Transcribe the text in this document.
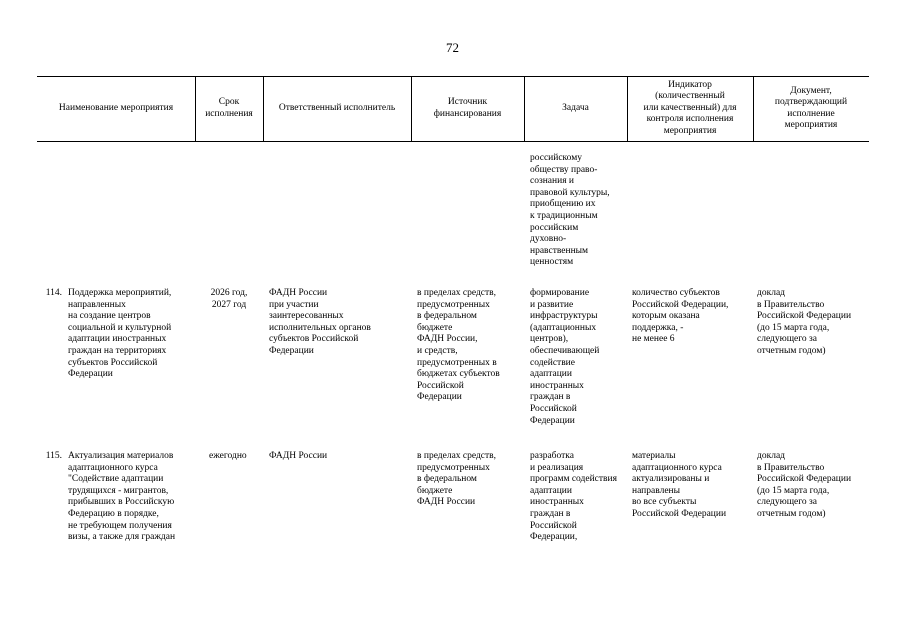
72
Наименование мероприятия
Срок
исполнения
Ответственный исполнитель
Источник
финансирования
Задача
Индикатор
(количественный
или качественный) для
контроля исполнения
мероприятия
Документ,
подтверждающий
исполнение
мероприятия
российскому
обществу право-
сознания и
правовой культуры,
приобщению их
к традиционным
российским
духовно-
нравственным
ценностям
114. Поддержка мероприятий,
направленных
на создание центров
социальной и культурной
адаптации иностранных
граждан на территориях
субъектов Российской
Федерации
2026 год,
2027 год
ФАДН России
при участии
заинтересованных
исполнительных органов
субъектов Российской
Федерации
в пределах средств,
предусмотренных
в федеральном
бюджете
ФАДН России,
и средств,
предусмотренных в
бюджетах субъектов
Российской
Федерации
формирование
и развитие
инфраструктуры
(адаптационных
центров),
обеспечивающей
содействие
адаптации
иностранных
граждан в
Российской
Федерации
количество субъектов
Российской Федерации,
которым оказана
поддержка, -
не менее 6
доклад
в Правительство
Российской Федерации
(до 15 марта года,
следующего за
отчетным годом)
115. Актуализация материалов
адаптационного курса
"Содействие адаптации
трудящихся - мигрантов,
прибывших в Российскую
Федерацию в порядке,
не требующем получения
визы, а также для граждан
ежегодно	ФАДН России	в пределах средств,
предусмотренных
в федеральном
бюджете
ФАДН России
разработка
и реализация
программ содействия
адаптации
иностранных
граждан в
Российской
Федерации,
материалы
адаптационного курса
актуализированы и
направлены
во все субъекты
Российской Федерации
доклад
в Правительство
Российской Федерации
(до 15 марта года,
следующего за
отчетным годом)
